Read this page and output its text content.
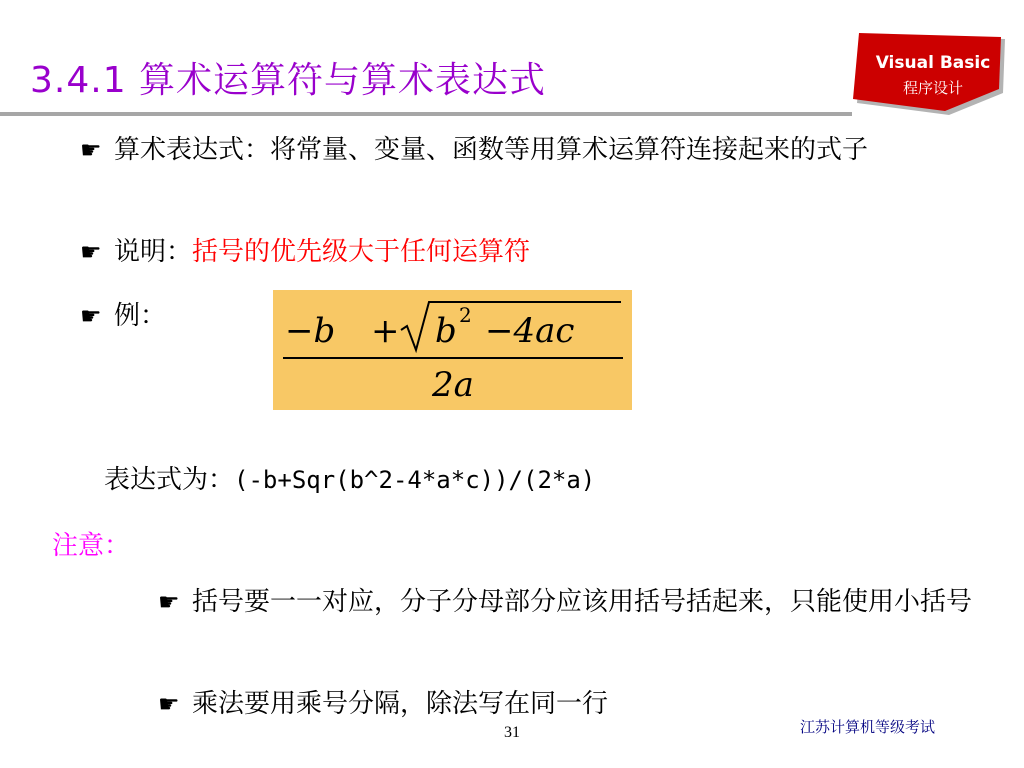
3.4.1 算术运算符与算术表达式	Visual Basic
程序设计
☛ 算术表达式：将常量、变量、函数等用算术运算符连接起来的式子
☛ 说明：括号的优先级大于任何运算符
☛ 例：	−b + b 2 −4ac
2a
表达式为：(-b+Sqr(b^2-4*a*c))/(2*a)
注意：
☛ 括号要一一对应，分子分母部分应该用括号括起来，只能使用小括号
☛ 乘法要用乘号分隔，除法写在同一行
31	江苏计算机等级考试
